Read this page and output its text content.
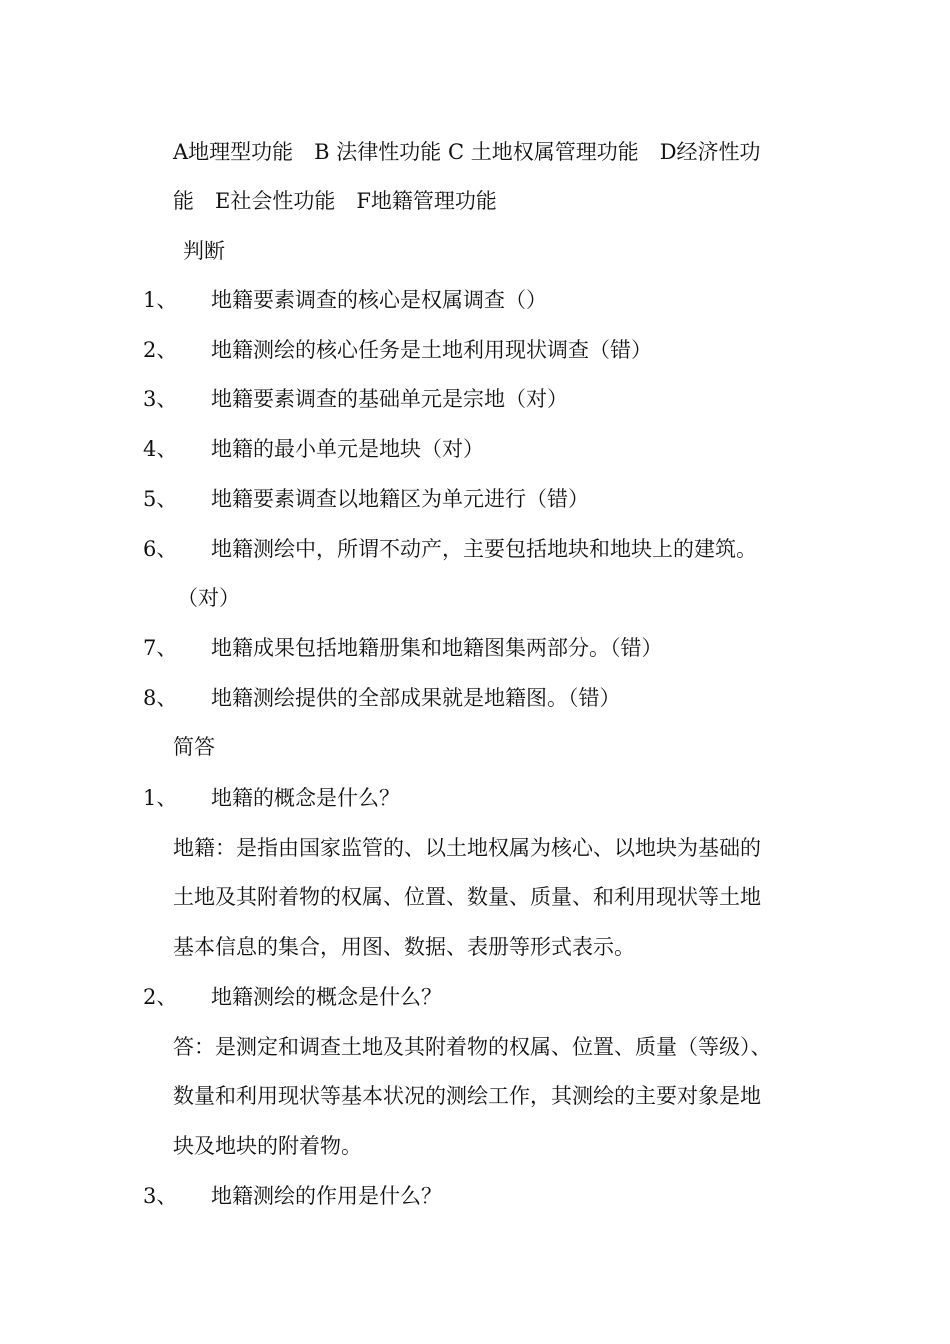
A地理型功能　B 法律性功能 C 土地权属管理功能　D经济性功
能　E社会性功能　F地籍管理功能
判断
1、 地籍要素调查的核心是权属调查（）
2、 地籍测绘的核心任务是土地利用现状调查（错）
3、 地籍要素调查的基础单元是宗地（对）
4、 地籍的最小单元是地块（对）
5、 地籍要素调查以地籍区为单元进行（错）
6、 地籍测绘中，所谓不动产，主要包括地块和地块上的建筑。
（对）
7、 地籍成果包括地籍册集和地籍图集两部分。（错）
8、 地籍测绘提供的全部成果就是地籍图。（错）
简答
1、 地籍的概念是什么？
地籍：是指由国家监管的、以土地权属为核心、以地块为基础的
土地及其附着物的权属、位置、数量、质量、和利用现状等土地
基本信息的集合，用图、数据、表册等形式表示。
2、 地籍测绘的概念是什么？
答：是测定和调查土地及其附着物的权属、位置、质量（等级）、
数量和利用现状等基本状况的测绘工作，其测绘的主要对象是地
块及地块的附着物。
3、 地籍测绘的作用是什么？
